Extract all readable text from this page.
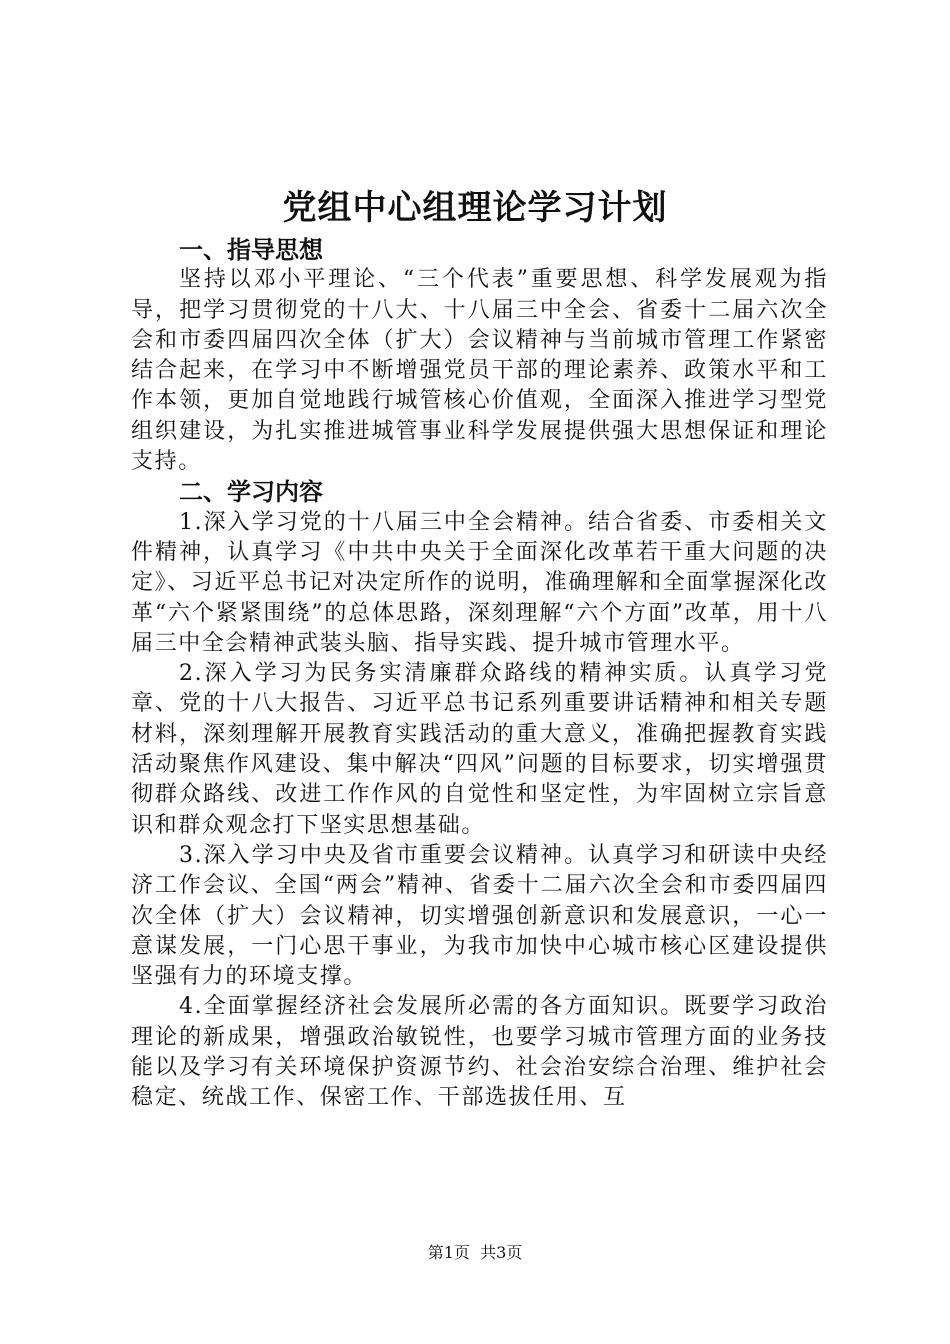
党组中心组理论学习计划

一、指导思想

坚持以邓小平理论、“三个代表”重要思想、科学发展观为指导，把学习贯彻党的十八大、十八届三中全会、省委十二届六次全会和市委四届四次全体（扩大）会议精神与当前城市管理工作紧密结合起来，在学习中不断增强党员干部的理论素养、政策水平和工作本领，更加自觉地践行城管核心价值观，全面深入推进学习型党组织建设，为扎实推进城管事业科学发展提供强大思想保证和理论支持。

二、学习内容

1.深入学习党的十八届三中全会精神。结合省委、市委相关文件精神，认真学习《中共中央关于全面深化改革若干重大问题的决定》、习近平总书记对决定所作的说明，准确理解和全面掌握深化改革“六个紧紧围绕”的总体思路，深刻理解“六个方面”改革，用十八届三中全会精神武装头脑、指导实践、提升城市管理水平。

2.深入学习为民务实清廉群众路线的精神实质。认真学习党章、党的十八大报告、习近平总书记系列重要讲话精神和相关专题材料，深刻理解开展教育实践活动的重大意义，准确把握教育实践活动聚焦作风建设、集中解决“四风”问题的目标要求，切实增强贯彻群众路线、改进工作作风的自觉性和坚定性，为牢固树立宗旨意识和群众观念打下坚实思想基础。

3.深入学习中央及省市重要会议精神。认真学习和研读中央经济工作会议、全国“两会”精神、省委十二届六次全会和市委四届四次全体（扩大）会议精神，切实增强创新意识和发展意识，一心一意谋发展，一门心思干事业，为我市加快中心城市核心区建设提供坚强有力的环境支撑。

4.全面掌握经济社会发展所必需的各方面知识。既要学习政治理论的新成果，增强政治敏锐性，也要学习城市管理方面的业务技能以及学习有关环境保护资源节约、社会治安综合治理、维护社会稳定、统战工作、保密工作、干部选拔任用、互

第1页 共3页
